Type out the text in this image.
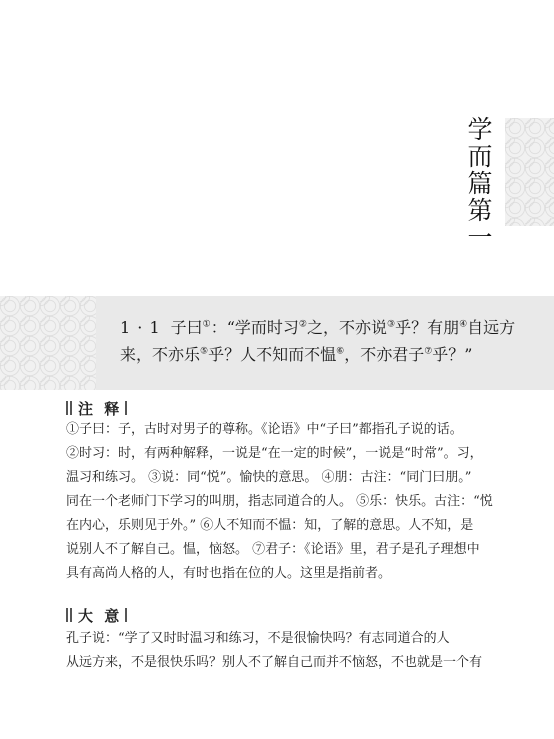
学而篇第一
1 · 1 子曰①：“学而时习②之，不亦说③乎？有朋④自远方来，不亦乐⑤乎？人不知而不愠⑥，不亦君子⑦乎？”
注 释
①子曰：子，古时对男子的尊称。《论语》中“子曰”都指孔子说的话。
②时习：时，有两种解释，一说是“在一定的时候”，一说是“时常”。习，
温习和练习。 ③说：同“悦”。愉快的意思。 ④朋：古注：“同门曰朋。”
同在一个老师门下学习的叫朋，指志同道合的人。 ⑤乐：快乐。古注：“悦
在内心，乐则见于外。” ⑥人不知而不愠：知，了解的意思。人不知，是
说别人不了解自己。愠，恼怒。 ⑦君子：《论语》里，君子是孔子理想中
具有高尚人格的人，有时也指在位的人。这里是指前者。
大 意
孔子说：“学了又时时温习和练习，不是很愉快吗？有志同道合的人
从远方来，不是很快乐吗？别人不了解自己而并不恼怒，不也就是一个有
